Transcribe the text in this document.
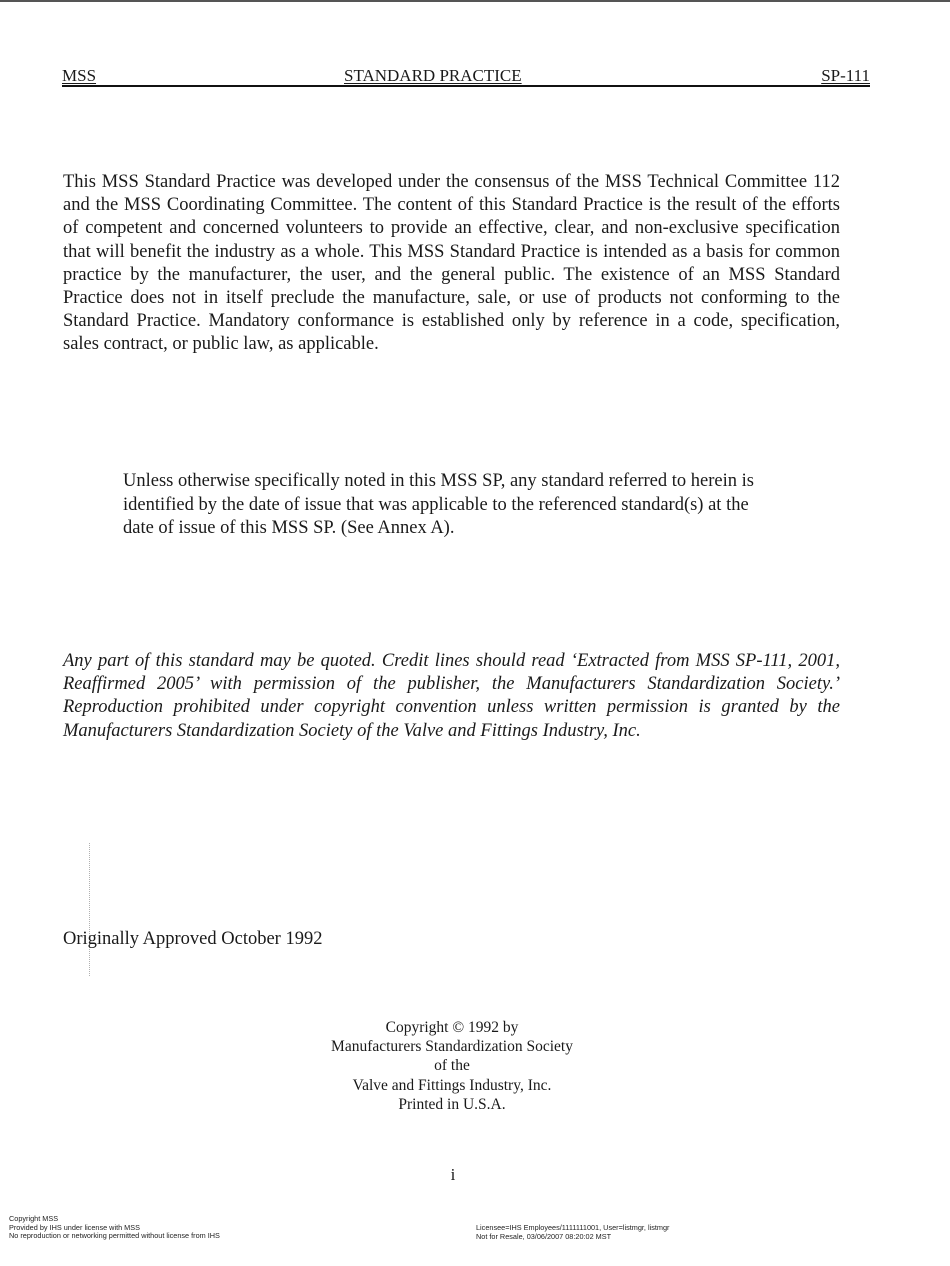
MSS	STANDARD PRACTICE	SP-111

This MSS Standard Practice was developed under the consensus of the MSS Technical Committee 112 and the MSS Coordinating Committee. The content of this Standard Practice is the result of the efforts of competent and concerned volunteers to provide an effective, clear, and non-exclusive specification that will benefit the industry as a whole. This MSS Standard Practice is intended as a basis for common practice by the manufacturer, the user, and the general public. The existence of an MSS Standard Practice does not in itself preclude the manufacture, sale, or use of products not conforming to the Standard Practice. Mandatory conformance is established only by reference in a code, specification, sales contract, or public law, as applicable.

Unless otherwise specifically noted in this MSS SP, any standard referred to herein is identified by the date of issue that was applicable to the referenced standard(s) at the date of issue of this MSS SP. (See Annex A).

Any part of this standard may be quoted. Credit lines should read ‘Extracted from MSS SP-111, 2001, Reaffirmed 2005’ with permission of the publisher, the Manufacturers Standardization Society.’ Reproduction prohibited under copyright convention unless written permission is granted by the Manufacturers Standardization Society of the Valve and Fittings Industry, Inc.

Originally Approved October 1992

Copyright © 1992 by
Manufacturers Standardization Society
of the
Valve and Fittings Industry, Inc.
Printed in U.S.A.
i
Copyright MSS
Provided by IHS under license with MSS
No reproduction or networking permitted without license from IHS
Licensee=IHS Employees/1111111001, User=listmgr, listmgr
Not for Resale, 03/06/2007 08:20:02 MST
